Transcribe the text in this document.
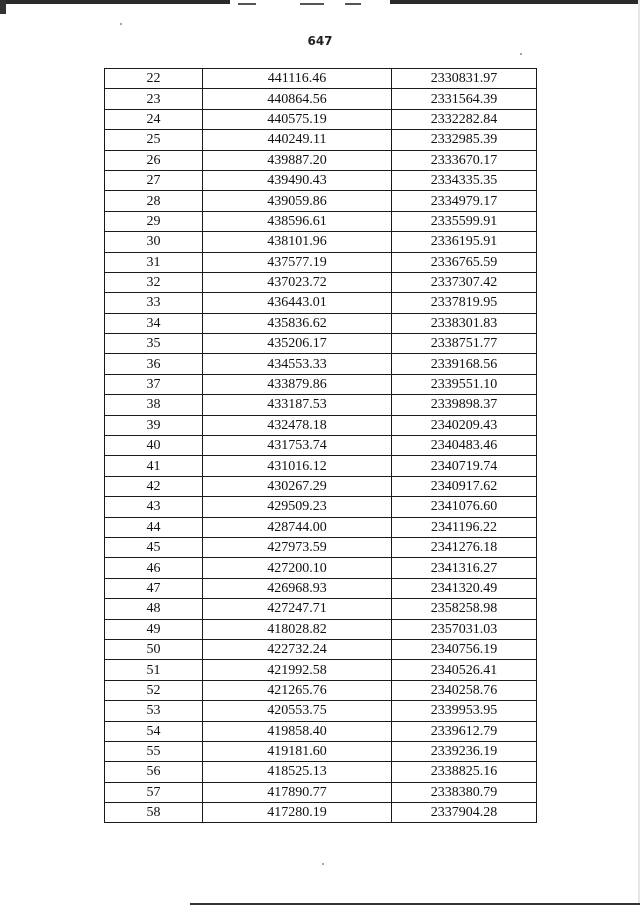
647
22	441116.46	2330831.97
23	440864.56	2331564.39
24	440575.19	2332282.84
25	440249.11	2332985.39
26	439887.20	2333670.17
27	439490.43	2334335.35
28	439059.86	2334979.17
29	438596.61	2335599.91
30	438101.96	2336195.91
31	437577.19	2336765.59
32	437023.72	2337307.42
33	436443.01	2337819.95
34	435836.62	2338301.83
35	435206.17	2338751.77
36	434553.33	2339168.56
37	433879.86	2339551.10
38	433187.53	2339898.37
39	432478.18	2340209.43
40	431753.74	2340483.46
41	431016.12	2340719.74
42	430267.29	2340917.62
43	429509.23	2341076.60
44	428744.00	2341196.22
45	427973.59	2341276.18
46	427200.10	2341316.27
47	426968.93	2341320.49
48	427247.71	2358258.98
49	418028.82	2357031.03
50	422732.24	2340756.19
51	421992.58	2340526.41
52	421265.76	2340258.76
53	420553.75	2339953.95
54	419858.40	2339612.79
55	419181.60	2339236.19
56	418525.13	2338825.16
57	417890.77	2338380.79
58	417280.19	2337904.28
